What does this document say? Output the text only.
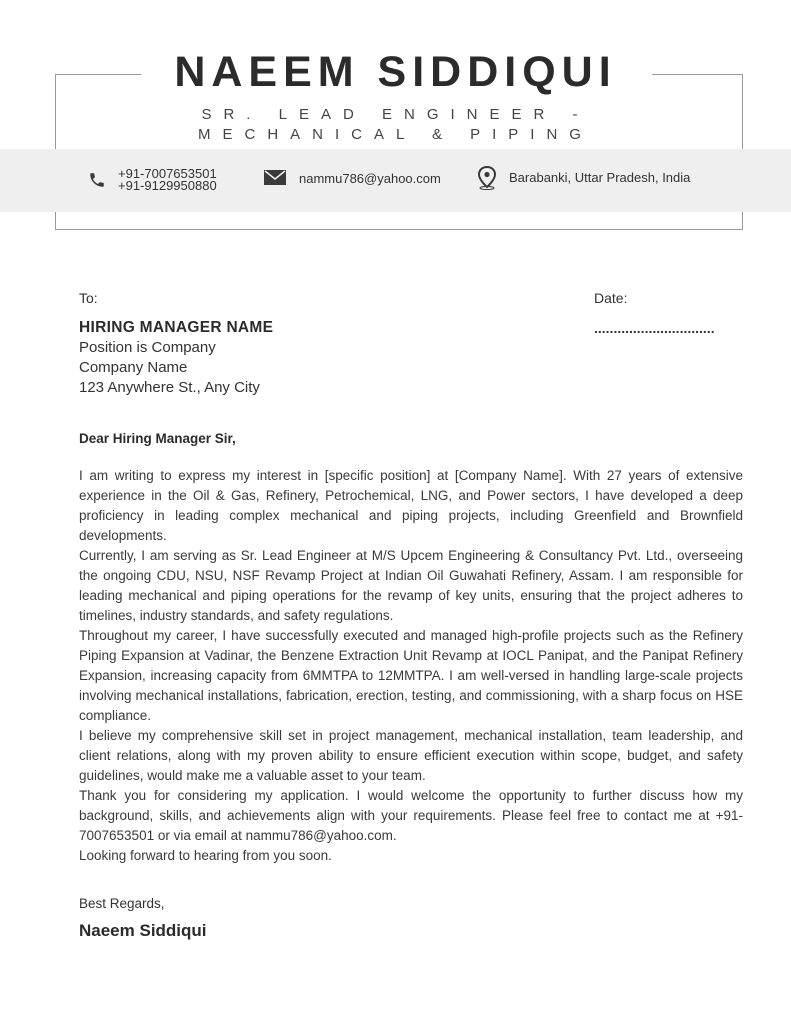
NAEEM SIDDIQUI
SR. LEAD ENGINEER -
MECHANICAL & PIPING
+91-7007653501
+91-9129950880	nammu786@yahoo.com	Barabanki, Uttar Pradesh, India
To:	Date:
...............................
HIRING MANAGER NAME
Position is Company
Company Name
123 Anywhere St., Any City
Dear Hiring Manager Sir,

I am writing to express my interest in [specific position] at [Company Name]. With 27 years of extensive experience in the Oil & Gas, Refinery, Petrochemical, LNG, and Power sectors, I have developed a deep proficiency in leading complex mechanical and piping projects, including Greenfield and Brownfield developments.

Currently, I am serving as Sr. Lead Engineer at M/S Upcem Engineering & Consultancy Pvt. Ltd., overseeing the ongoing CDU, NSU, NSF Revamp Project at Indian Oil Guwahati Refinery, Assam. I am responsible for leading mechanical and piping operations for the revamp of key units, ensuring that the project adheres to timelines, industry standards, and safety regulations.

Throughout my career, I have successfully executed and managed high-profile projects such as the Refinery Piping Expansion at Vadinar, the Benzene Extraction Unit Revamp at IOCL Panipat, and the Panipat Refinery Expansion, increasing capacity from 6MMTPA to 12MMTPA. I am well-versed in handling large-scale projects involving mechanical installations, fabrication, erection, testing, and commissioning, with a sharp focus on HSE compliance.

I believe my comprehensive skill set in project management, mechanical installation, team leadership, and client relations, along with my proven ability to ensure efficient execution within scope, budget, and safety guidelines, would make me a valuable asset to your team.

Thank you for considering my application. I would welcome the opportunity to further discuss how my background, skills, and achievements align with your requirements. Please feel free to contact me at +91-7007653501 or via email at nammu786@yahoo.com.

Looking forward to hearing from you soon.

Best Regards,
Naeem Siddiqui
